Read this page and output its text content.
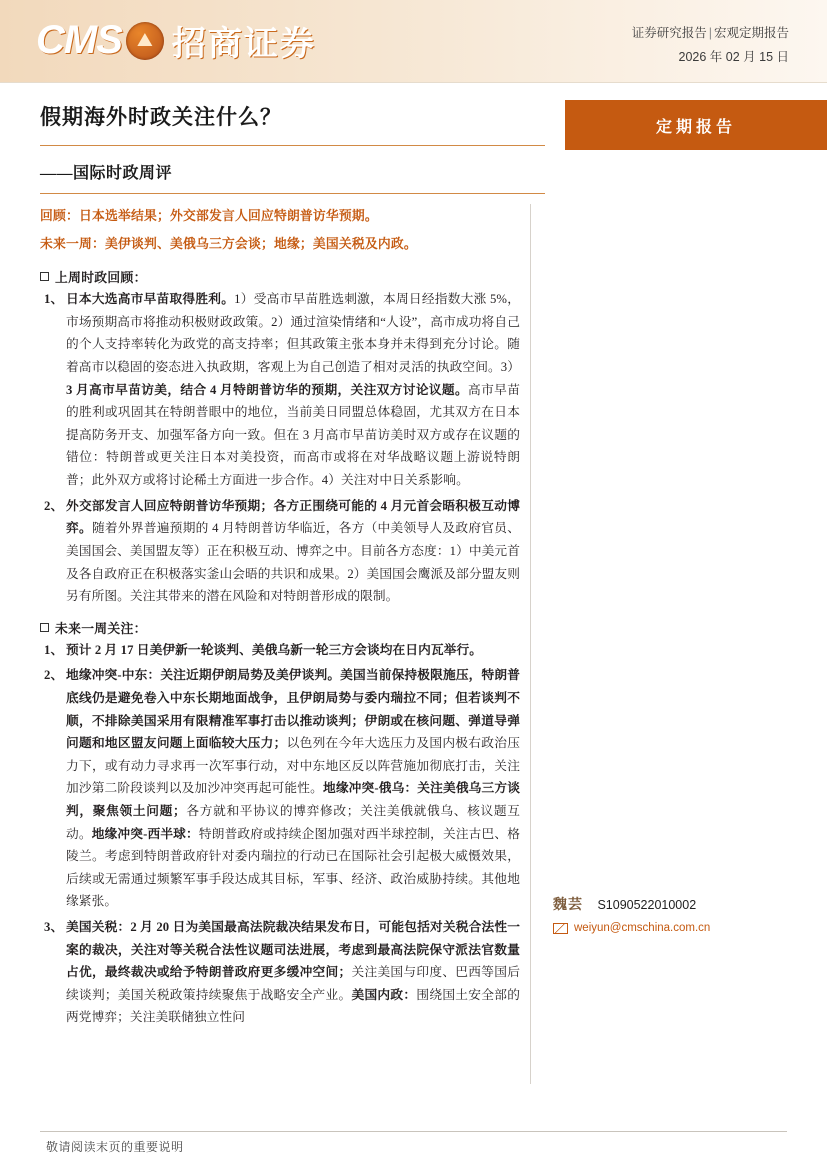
CMS ⛰ 招商证券	证券研究报告 | 宏观定期报告
2026 年 02 月 15 日
定期报告
假期海外时政关注什么？
——国际时政周评
回顾：日本选举结果；外交部发言人回应特朗普访华预期。
未来一周：美伊谈判、美俄乌三方会谈；地缘；美国关税及内政。
上周时政回顾：
1、 日本大选高市早苗取得胜利。1）受高市早苗胜选刺激，本周日经指数大涨 5%，市场预期高市将推动积极财政政策。2）通过渲染情绪和“人设”，高市成功将自己的个人支持率转化为政党的高支持率；但其政策主张本身并未得到充分讨论。随着高市以稳固的姿态进入执政期，客观上为自己创造了相对灵活的执政空间。3）3 月高市早苗访美，结合 4 月特朗普访华的预期，关注双方讨论议题。高市早苗的胜利或巩固其在特朗普眼中的地位，当前美日同盟总体稳固，尤其双方在日本提高防务开支、加强军备方向一致。但在 3 月高市早苗访美时双方或存在议题的错位：特朗普或更关注日本对美投资，而高市或将在对华战略议题上游说特朗普；此外双方或将讨论稀土方面进一步合作。4）关注对中日关系影响。
2、 外交部发言人回应特朗普访华预期；各方正围绕可能的 4 月元首会晤积极互动博弈。随着外界普遍预期的 4 月特朗普访华临近，各方（中美领导人及政府官员、美国国会、美国盟友等）正在积极互动、博弈之中。目前各方态度：1）中美元首及各自政府正在积极落实釜山会晤的共识和成果。2）美国国会鹰派及部分盟友则另有所图。关注其带来的潜在风险和对特朗普形成的限制。
未来一周关注：
1、 预计 2 月 17 日美伊新一轮谈判、美俄乌新一轮三方会谈均在日内瓦举行。
2、 地缘冲突-中东：关注近期伊朗局势及美伊谈判。美国当前保持极限施压，特朗普底线仍是避免卷入中东长期地面战争，且伊朗局势与委内瑞拉不同；但若谈判不顺，不排除美国采用有限精准军事打击以推动谈判；伊朗或在核问题、弹道导弹问题和地区盟友问题上面临较大压力；以色列在今年大选压力及国内极右政治压力下，或有动力寻求再一次军事行动，对中东地区反以阵营施加彻底打击，关注加沙第二阶段谈判以及加沙冲突再起可能性。地缘冲突-俄乌：关注美俄乌三方谈判，聚焦领土问题；各方就和平协议的博弈修改；关注美俄就俄乌、核议题互动。地缘冲突-西半球：特朗普政府或持续企图加强对西半球控制，关注古巴、格陵兰。考虑到特朗普政府针对委内瑞拉的行动已在国际社会引起极大威慑效果，后续或无需通过频繁军事手段达成其目标，军事、经济、政治威胁持续。其他地缘紧张。
3、 美国关税：2 月 20 日为美国最高法院裁决结果发布日，可能包括对关税合法性一案的裁决，关注对等关税合法性议题司法进展，考虑到最高法院保守派法官数量占优，最终裁决或给予特朗普政府更多缓冲空间；关注美国与印度、巴西等国后续谈判；美国关税政策持续聚焦于战略安全产业。美国内政：围绕国土安全部的两党博弈；关注美联储独立性问
魏芸 S1090522010002
weiyun@cmschina.com.cn
敬请阅读末页的重要说明
